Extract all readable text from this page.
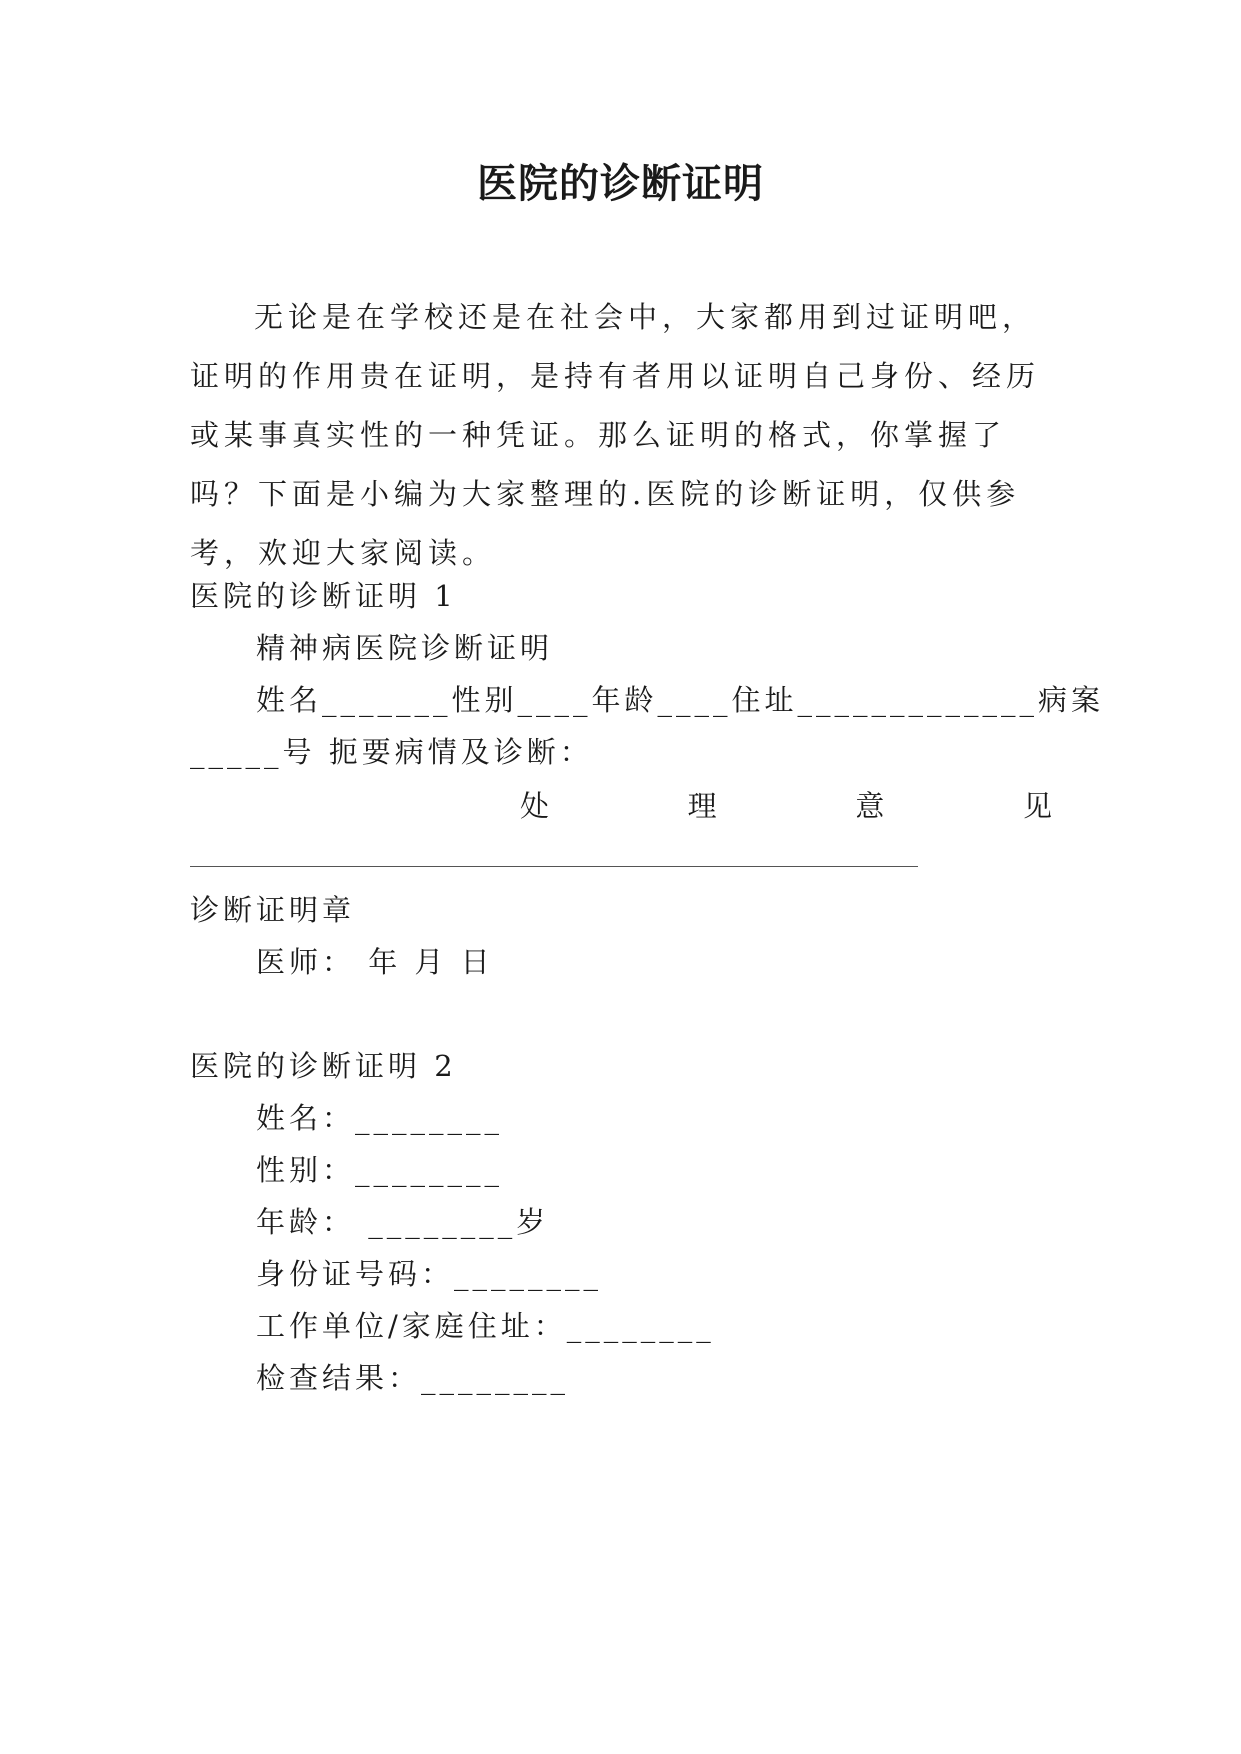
医院的诊断证明

无论是在学校还是在社会中，大家都用到过证明吧，证明的作用贵在证明，是持有者用以证明自己身份、经历或某事真实性的一种凭证。那么证明的格式，你掌握了吗？下面是小编为大家整理的.医院的诊断证明，仅供参考，欢迎大家阅读。

医院的诊断证明 1

精神病医院诊断证明

姓名_______性别____年龄____住址_____________病案

_____号 扼要病情及诊断：

处	理	意	见

诊断证明章

医师： 年 月 日

医院的诊断证明 2

姓名：________

性别：________

年龄： ________岁

身份证号码：________

工作单位/家庭住址：________

检查结果：________
